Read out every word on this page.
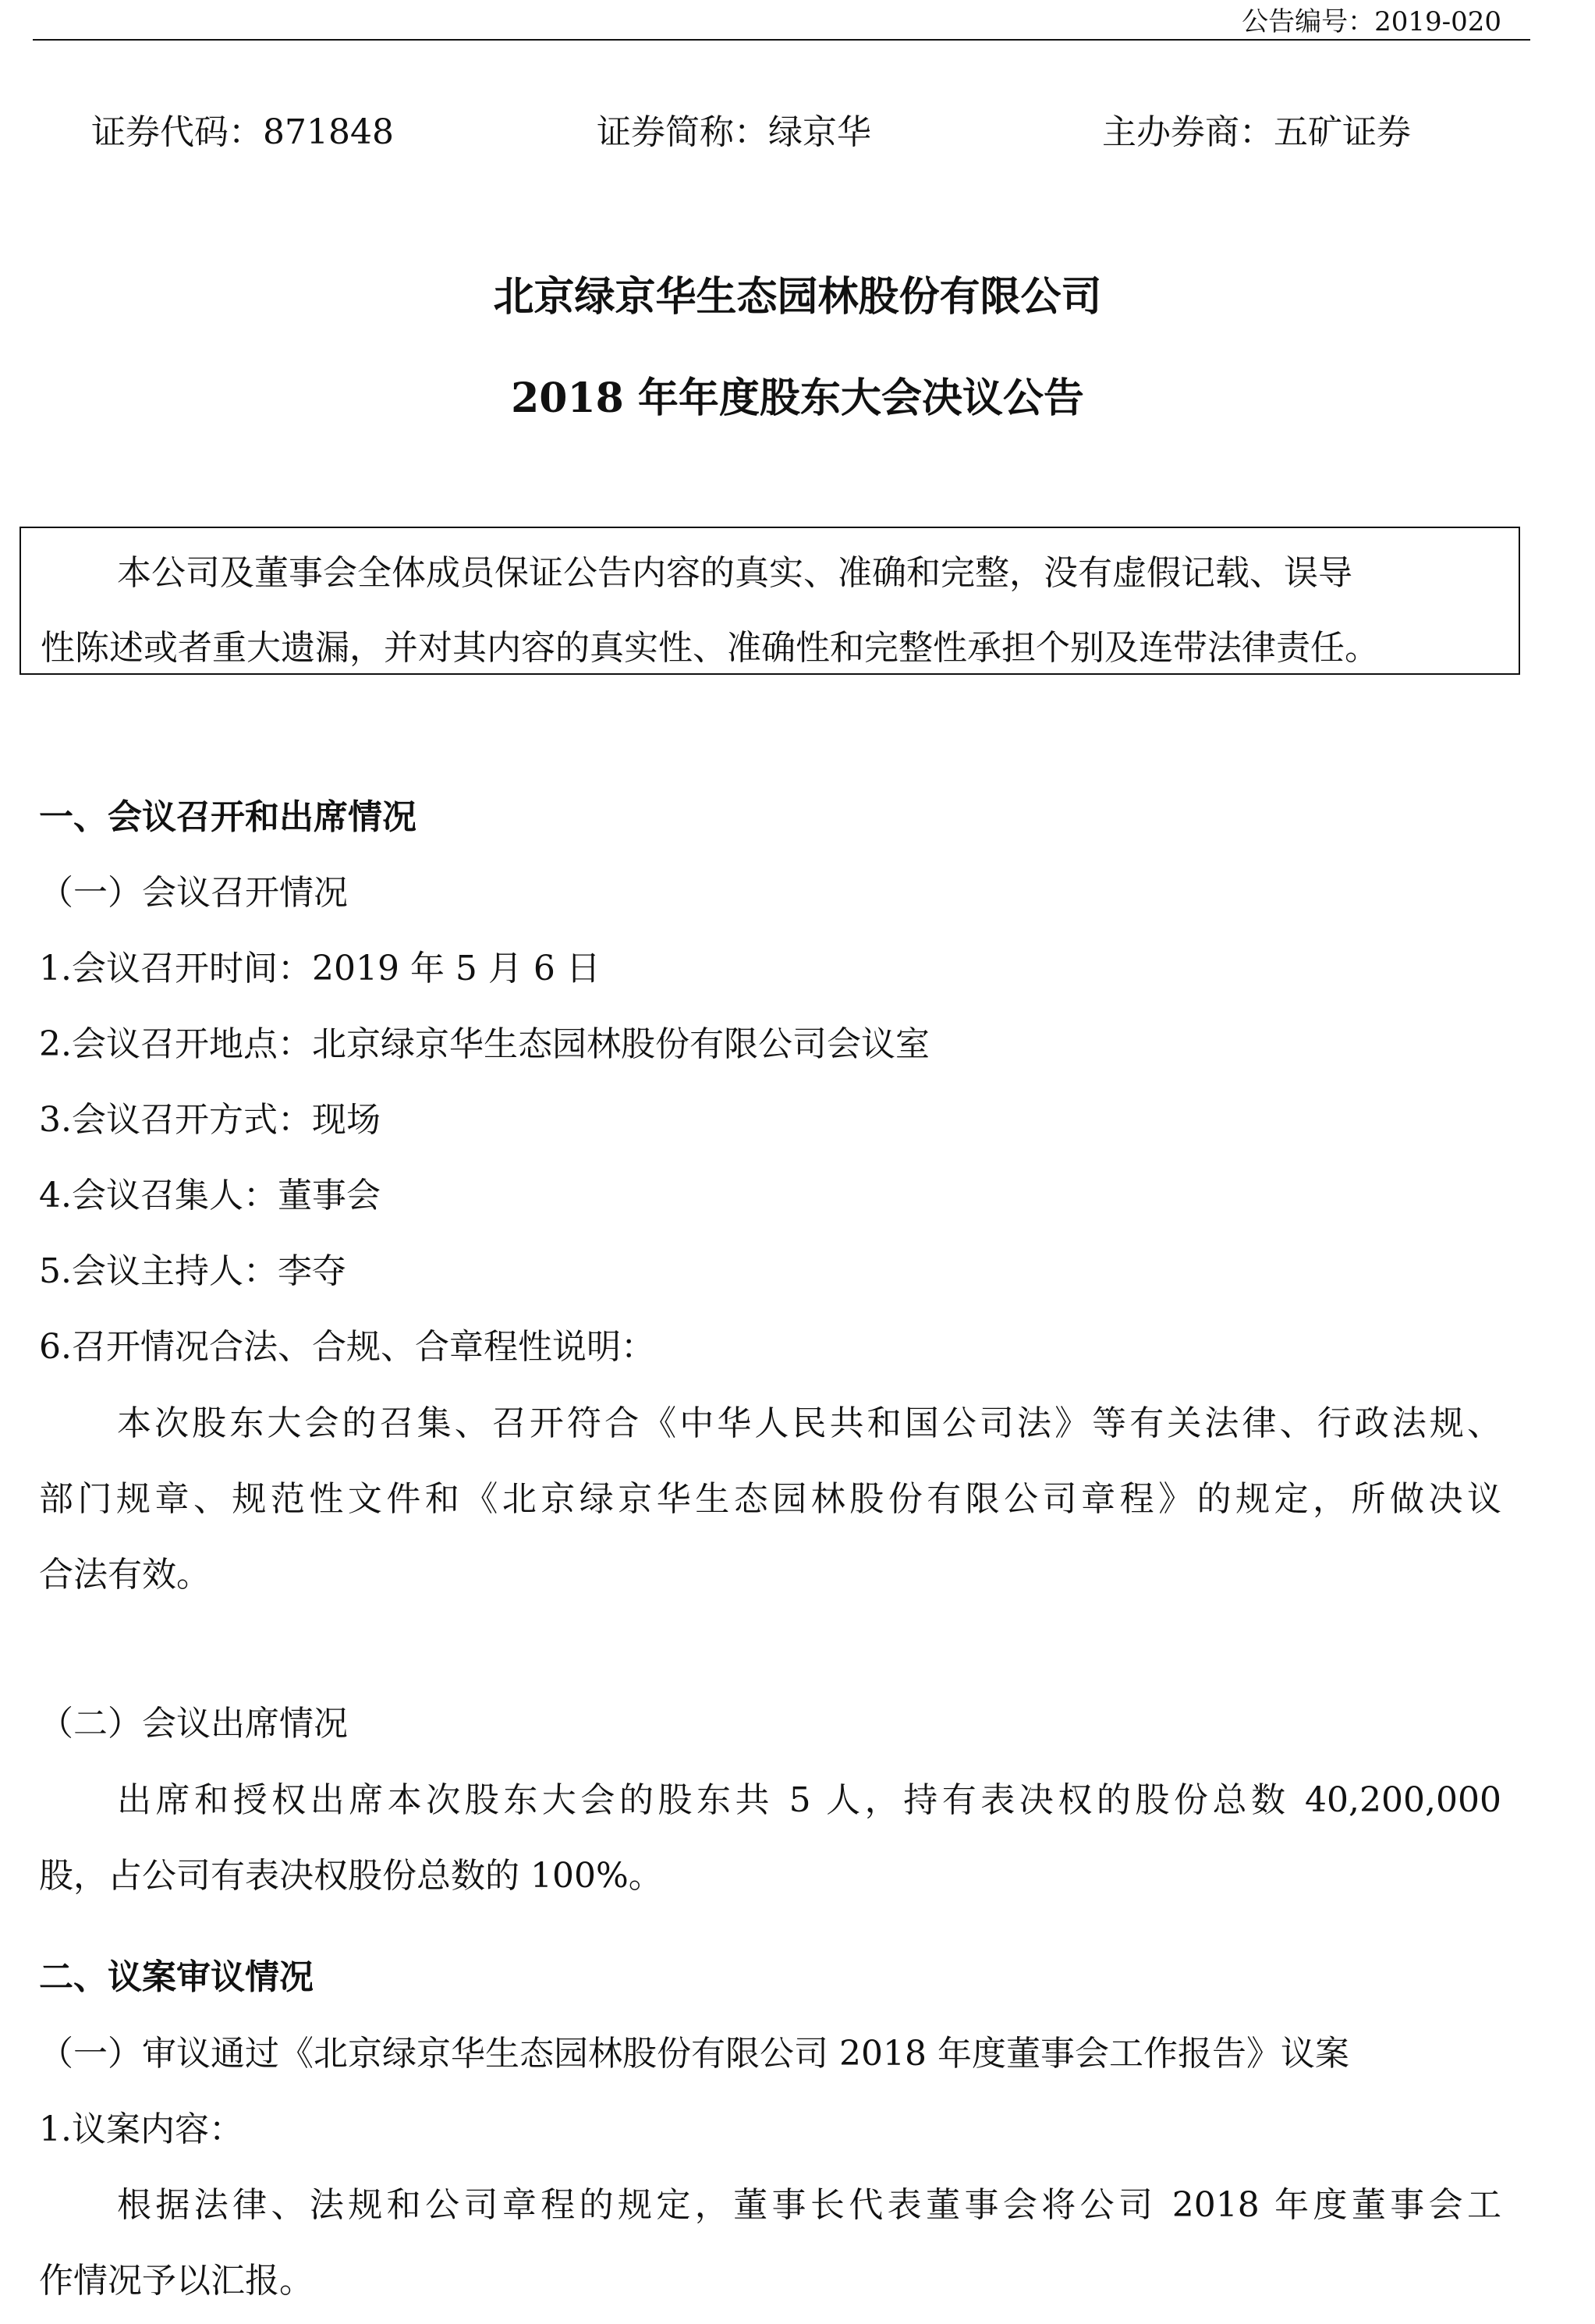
公告编号：2019-020
证券代码：871848	证券简称：绿京华	主办券商：五矿证券
北京绿京华生态园林股份有限公司
2018 年年度股东大会决议公告
本公司及董事会全体成员保证公告内容的真实、准确和完整，没有虚假记载、误导
性陈述或者重大遗漏，并对其内容的真实性、准确性和完整性承担个别及连带法律责任。
一、会议召开和出席情况
（一）会议召开情况
1.会议召开时间：2019 年 5 月 6 日
2.会议召开地点：北京绿京华生态园林股份有限公司会议室
3.会议召开方式：现场
4.会议召集人：董事会
5.会议主持人：李夺
6.召开情况合法、合规、合章程性说明：
本次股东大会的召集、召开符合《中华人民共和国公司法》等有关法律、行政法规、
部门规章、规范性文件和《北京绿京华生态园林股份有限公司章程》的规定，所做决议
合法有效。
（二）会议出席情况
出席和授权出席本次股东大会的股东共 5 人，持有表决权的股份总数 40,200,000
股，占公司有表决权股份总数的 100%。
二、议案审议情况
（一）审议通过《北京绿京华生态园林股份有限公司 2018 年度董事会工作报告》议案
1.议案内容：
根据法律、法规和公司章程的规定，董事长代表董事会将公司 2018 年度董事会工
作情况予以汇报。
